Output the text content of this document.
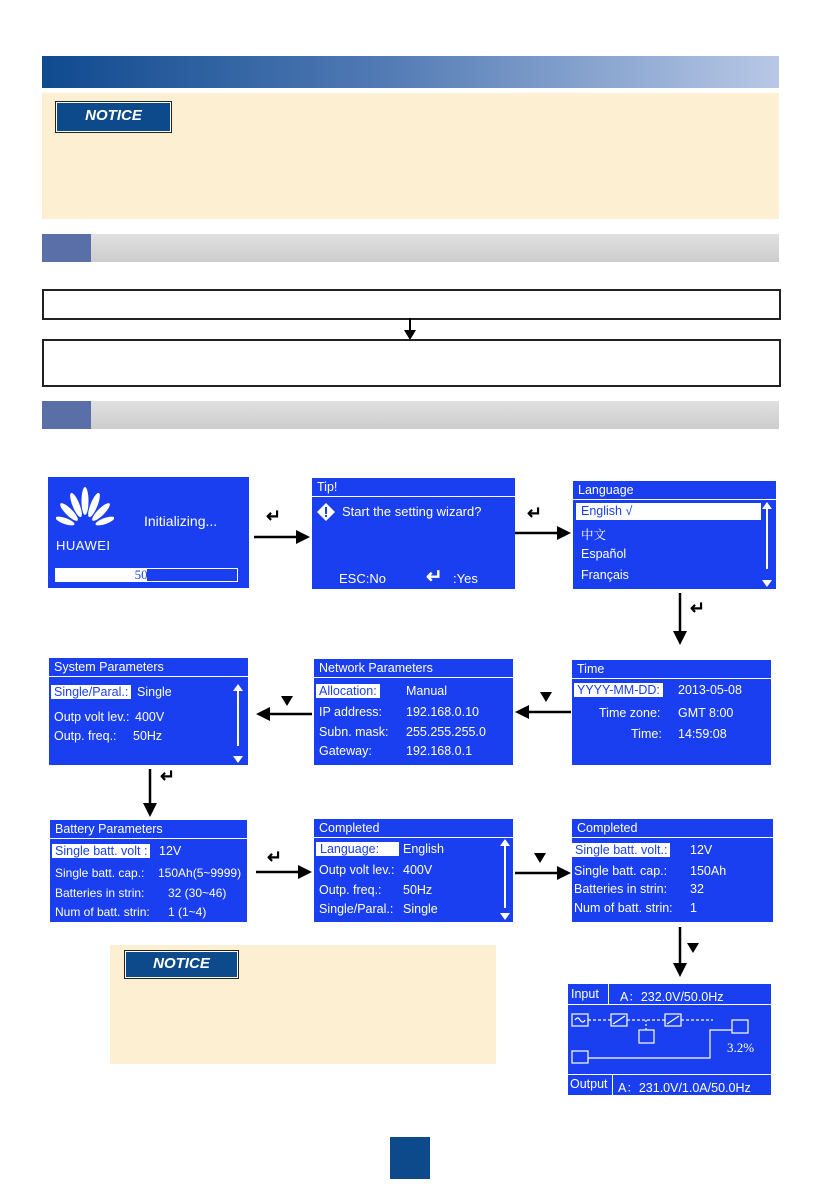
NOTICE
HUAWEI
Initializing...
50%
↵
Tip!
Start the setting wizard?
ESC:No ↵ :Yes
↵
Language
English √
中文
Español
Français
↵
Time
YYYY-MM-DD: 2013-05-08
Time zone: GMT 8:00
Time: 14:59:08
Network Parameters
Allocation: Manual
IP address: 192.168.0.10
Subn. mask: 255.255.255.0
Gateway:	192.168.0.1
System Parameters
Single/Paral.: Single
Outp volt lev.: 400V
Outp. freq.: 50Hz
↵
Battery Parameters
Single batt. volt : 12V
Single batt. cap.: 150Ah(5~9999)
Batteries in strin: 32 (30~46)
Num of batt. strin: 1 (1~4)
↵
Completed
Language:	English
Outp volt lev.: 400V
Outp. freq.: 50Hz
Single/Paral.: Single
Completed
Single batt. volt.: 12V
Single batt. cap.: 150Ah
Batteries in strin: 32
Num of batt. strin: 1
NOTICE
Input A：232.0V/50.0Hz
3.2%
Output A：231.0V/1.0A/50.0Hz
